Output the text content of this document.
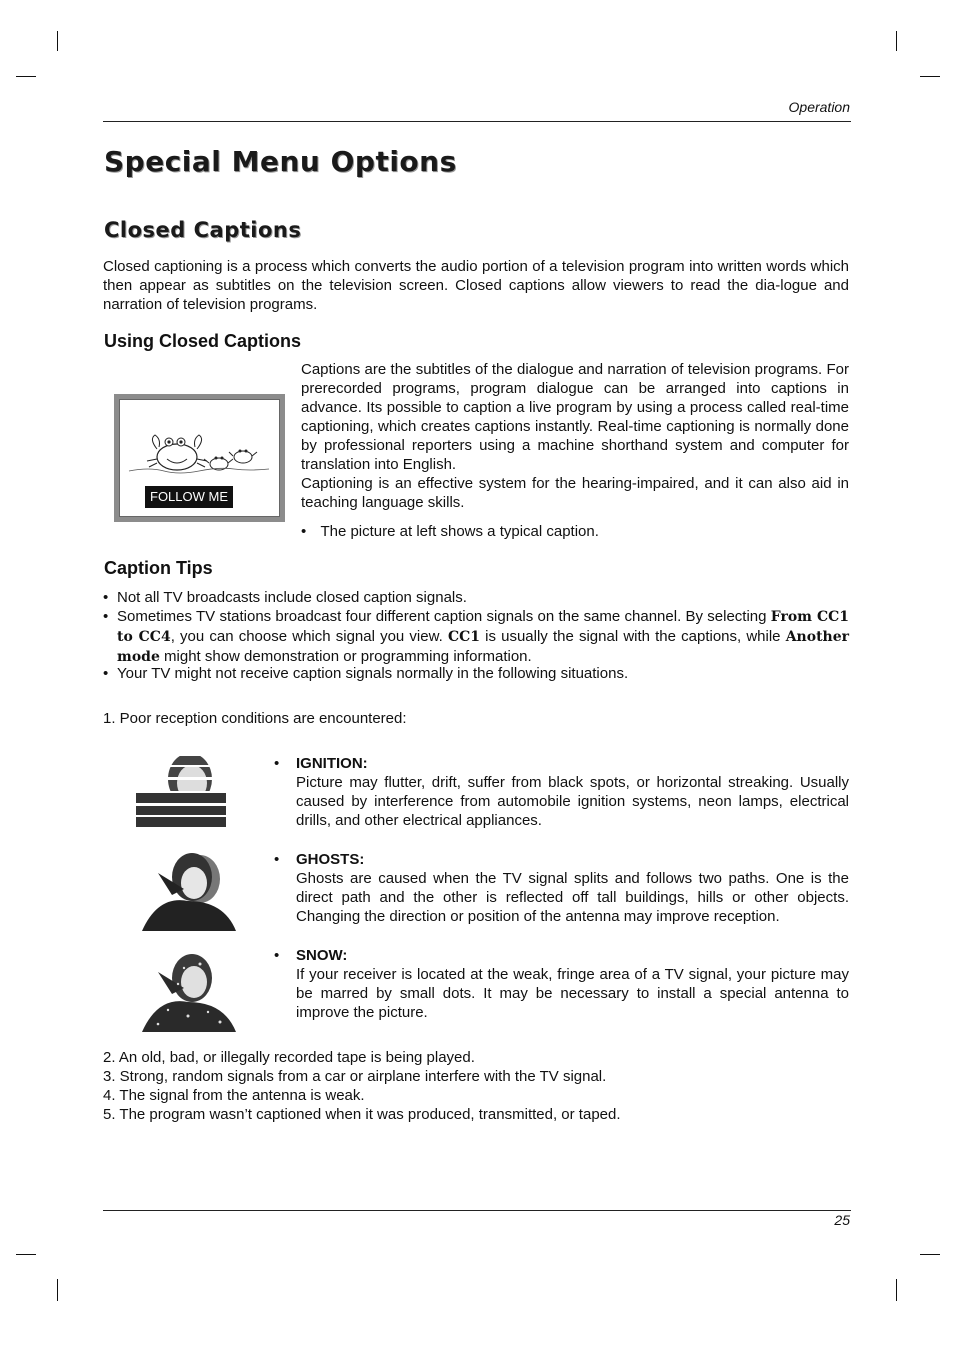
Operation
Special Menu Options
Closed Captions

Closed captioning is a process which converts the audio portion of a television program into written words which then appear as subtitles on the television screen. Closed captions allow viewers to read the dia-logue and narration of television programs.

Using Closed Captions
FOLLOW ME

Captions are the subtitles of the dialogue and narration of television programs. For prerecorded programs, program dialogue can be arranged into captions in advance. Its possible to caption a live program by using a process called real-time captioning, which creates captions instantly. Real-time captioning is normally done by professional reporters using a machine shorthand system and computer for translation into English.

Captioning is an effective system for the hearing-impaired, and it can also aid in teaching language skills.

• The picture at left shows a typical caption.
Caption Tips
• Not all TV broadcasts include closed caption signals.

• Sometimes TV stations broadcast four different caption signals on the same channel. By selecting From CC1 to CC4, you can choose which signal you view. CC1 is usually the signal with the captions, while Another mode might show demonstration or programming information.

• Your TV might not receive caption signals normally in the following situations.

1. Poor reception conditions are encountered:
• IGNITION:

Picture may flutter, drift, suffer from black spots, or horizontal streaking. Usually caused by interference from automobile ignition systems, neon lamps, electrical drills, and other electrical appliances.

• GHOSTS:

Ghosts are caused when the TV signal splits and follows two paths. One is the direct path and the other is reflected off tall buildings, hills or other objects. Changing the direction or position of the antenna may improve reception.

• SNOW:

If your receiver is located at the weak, fringe area of a TV signal, your picture may be marred by small dots. It may be necessary to install a special antenna to improve the picture.

2. An old, bad, or illegally recorded tape is being played.

3. Strong, random signals from a car or airplane interfere with the TV signal.

4. The signal from the antenna is weak.

5. The program wasn’t captioned when it was produced, transmitted, or taped.

25
